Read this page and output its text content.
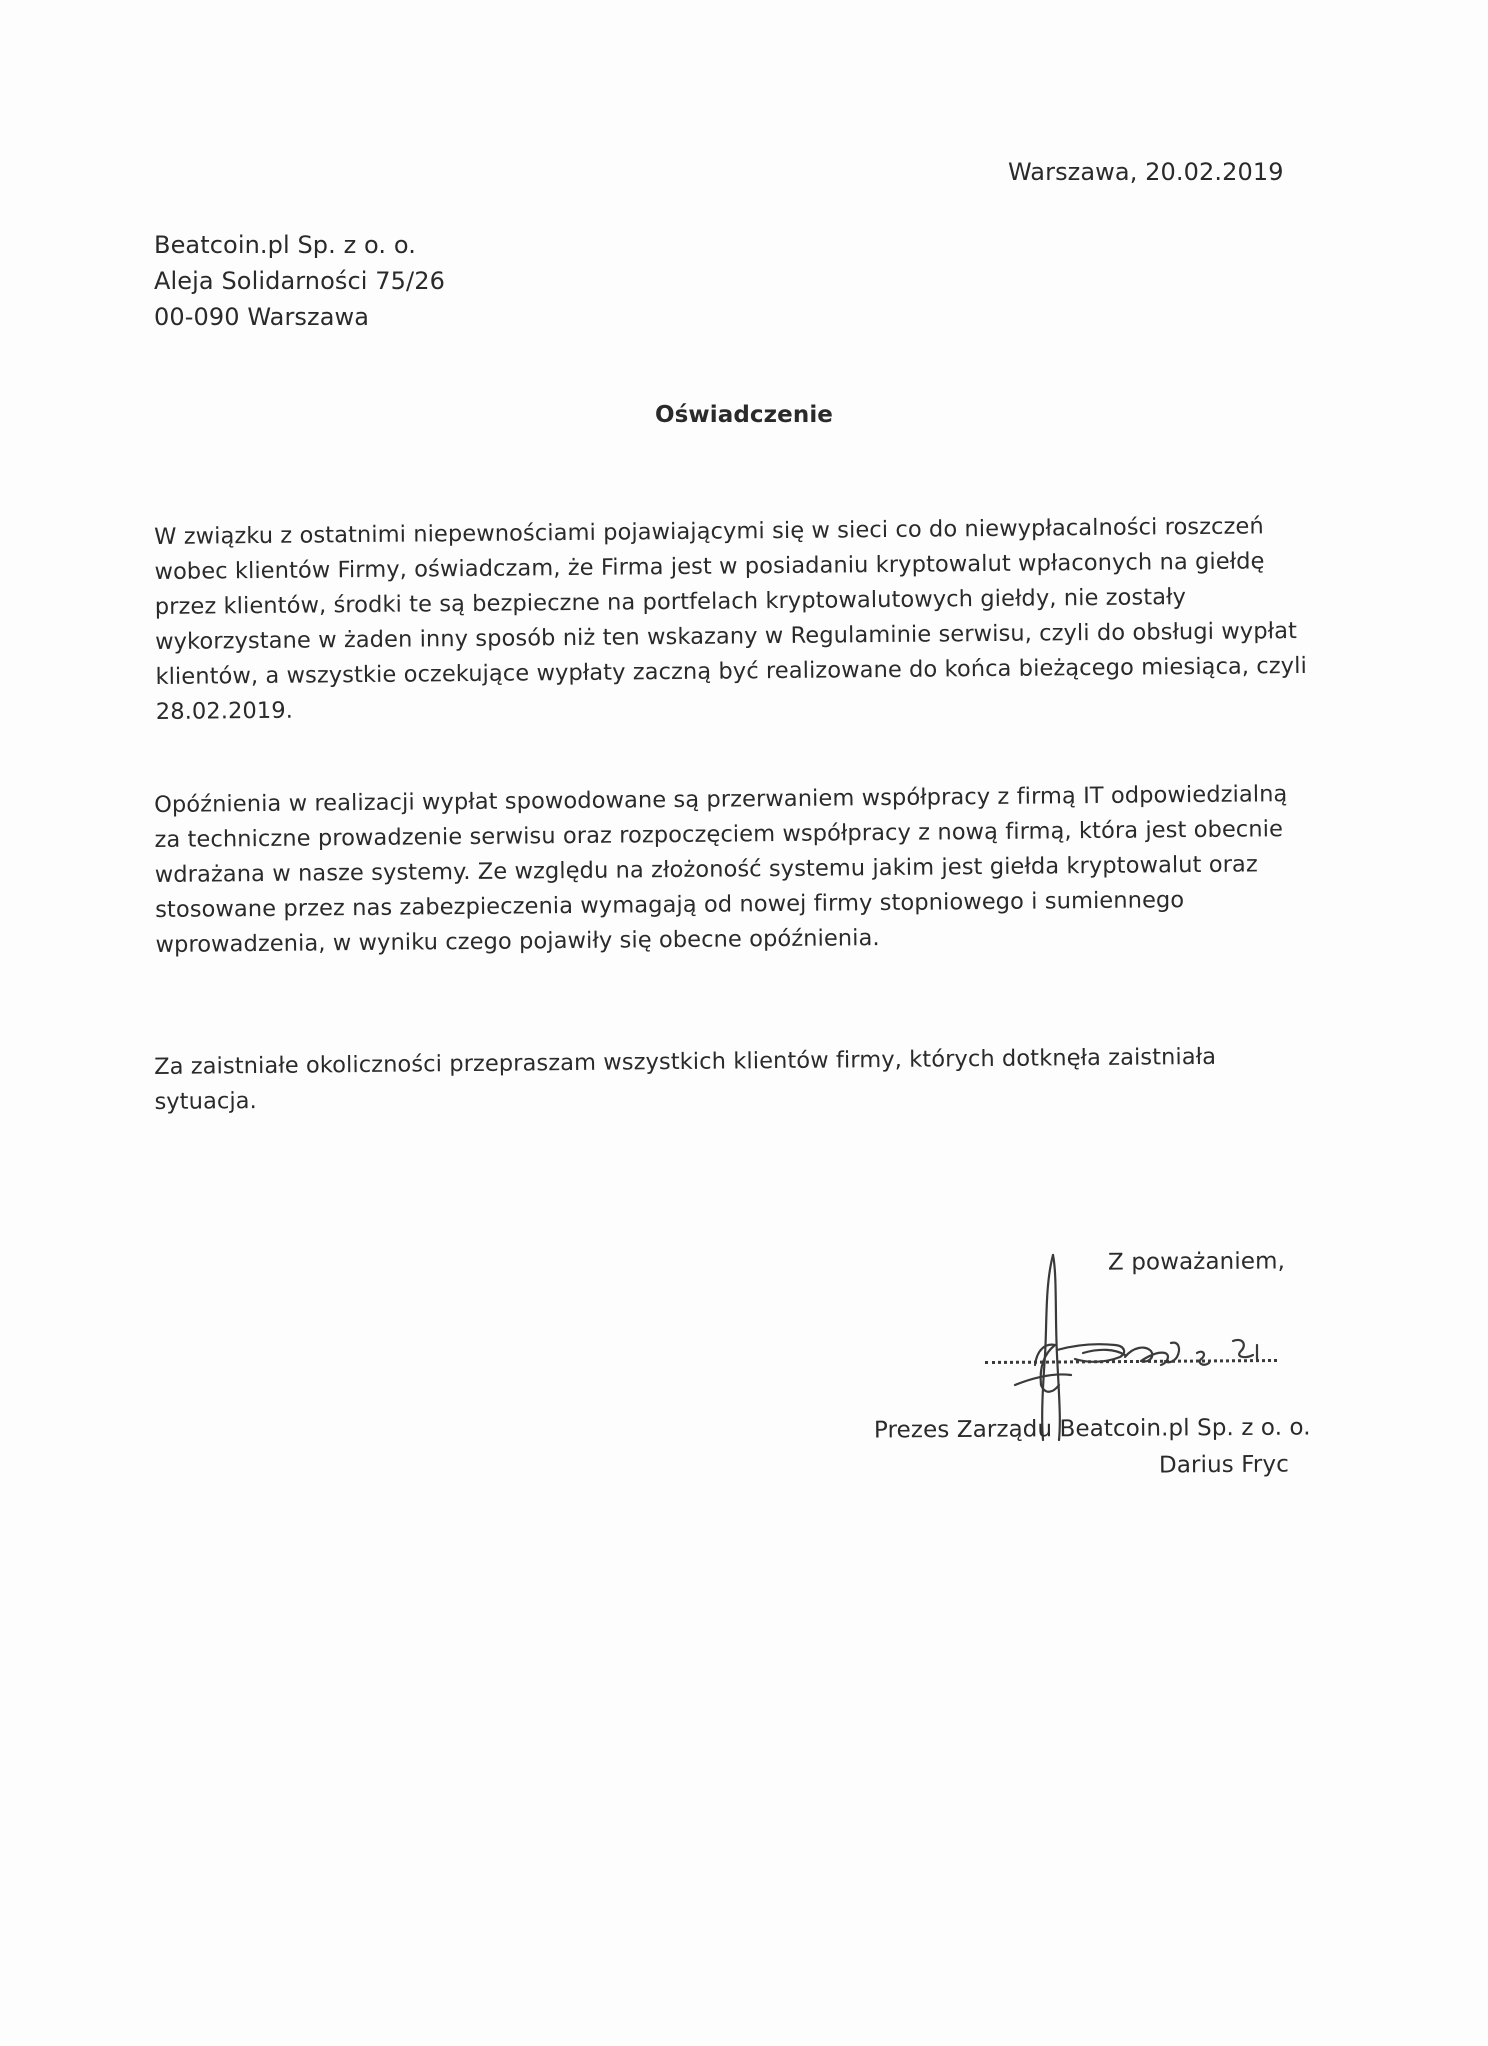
Warszawa, 20.02.2019
Beatcoin.pl Sp. z o. o.
Aleja Solidarności 75/26
00-090 Warszawa
Oświadczenie
W związku z ostatnimi niepewnościami pojawiającymi się w sieci co do niewypłacalności roszczeń
wobec klientów Firmy, oświadczam, że Firma jest w posiadaniu kryptowalut wpłaconych na giełdę
przez klientów, środki te są bezpieczne na portfelach kryptowalutowych giełdy, nie zostały
wykorzystane w żaden inny sposób niż ten wskazany w Regulaminie serwisu, czyli do obsługi wypłat
klientów, a wszystkie oczekujące wypłaty zaczną być realizowane do końca bieżącego miesiąca, czyli
28.02.2019.
Opóźnienia w realizacji wypłat spowodowane są przerwaniem współpracy z firmą IT odpowiedzialną
za techniczne prowadzenie serwisu oraz rozpoczęciem współpracy z nową firmą, która jest obecnie
wdrażana w nasze systemy. Ze względu na złożoność systemu jakim jest giełda kryptowalut oraz
stosowane przez nas zabezpieczenia wymagają od nowej firmy stopniowego i sumiennego
wprowadzenia, w wyniku czego pojawiły się obecne opóźnienia.
Za zaistniałe okoliczności przepraszam wszystkich klientów firmy, których dotknęła zaistniała
sytuacja.
Z poważaniem,
Prezes Zarządu Beatcoin.pl Sp. z o. o.
Darius Fryc
